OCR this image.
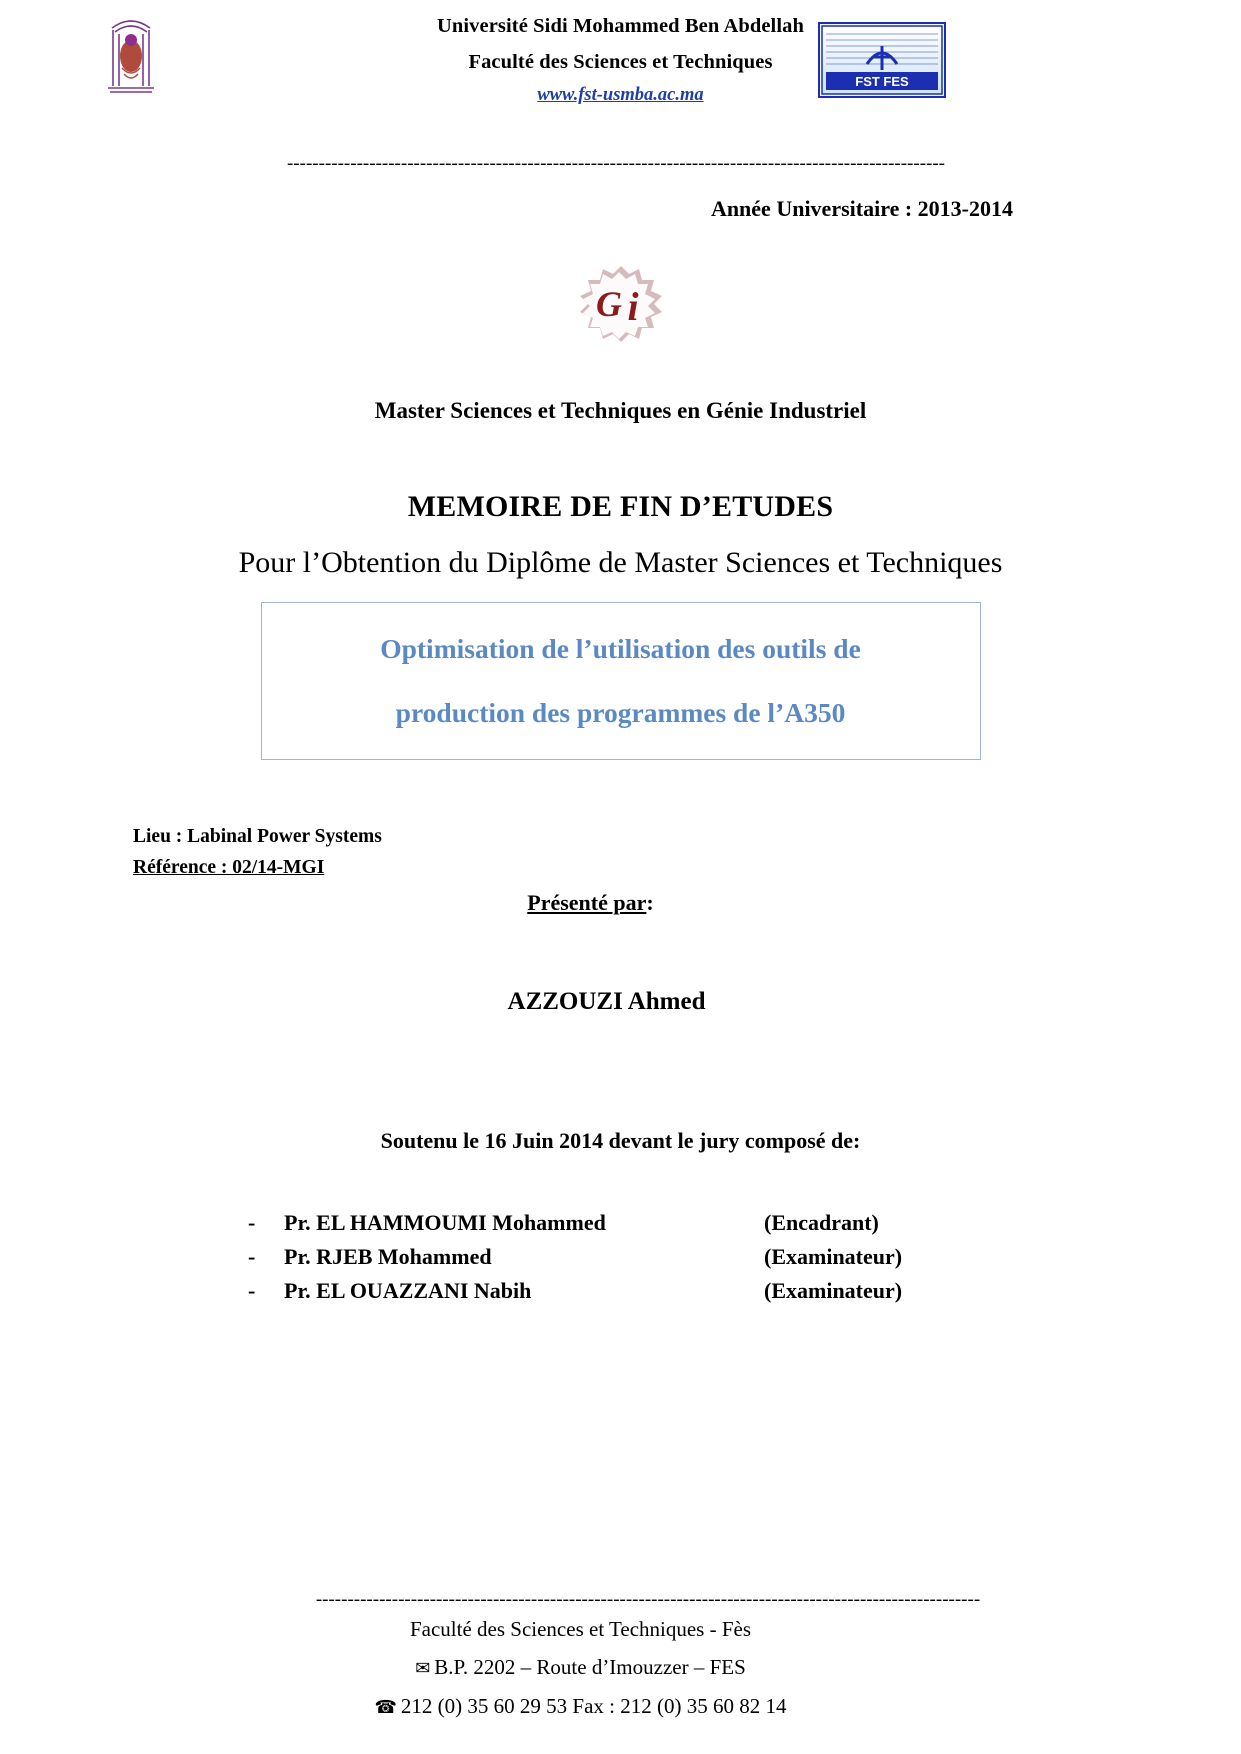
Université Sidi Mohammed Ben Abdellah
Faculté des Sciences et Techniques
www.fst-usmba.ac.ma
FST FES
--------------------------------------------------------------------------------------------------------
Année Universitaire : 2013-2014
G i
Master Sciences et Techniques en Génie Industriel
MEMOIRE DE FIN D’ETUDES
Pour l’Obtention du Diplôme de Master Sciences et Techniques
Optimisation de l’utilisation des outils de
production des programmes de l’A350
Lieu : Labinal Power Systems
Référence : 02/14-MGI
Présenté par:
AZZOUZI Ahmed
Soutenu le 16 Juin 2014 devant le jury composé de:
-	Pr. EL HAMMOUMI Mohammed	(Encadrant)
-	Pr. RJEB Mohammed	(Examinateur)
-	Pr. EL OUAZZANI Nabih	(Examinateur)
---------------------------------------------------------------------------------------------------------
Faculté des Sciences et Techniques - Fès
✉ B.P. 2202 – Route d’Imouzzer – FES
☎ 212 (0) 35 60 29 53 Fax : 212 (0) 35 60 82 14
